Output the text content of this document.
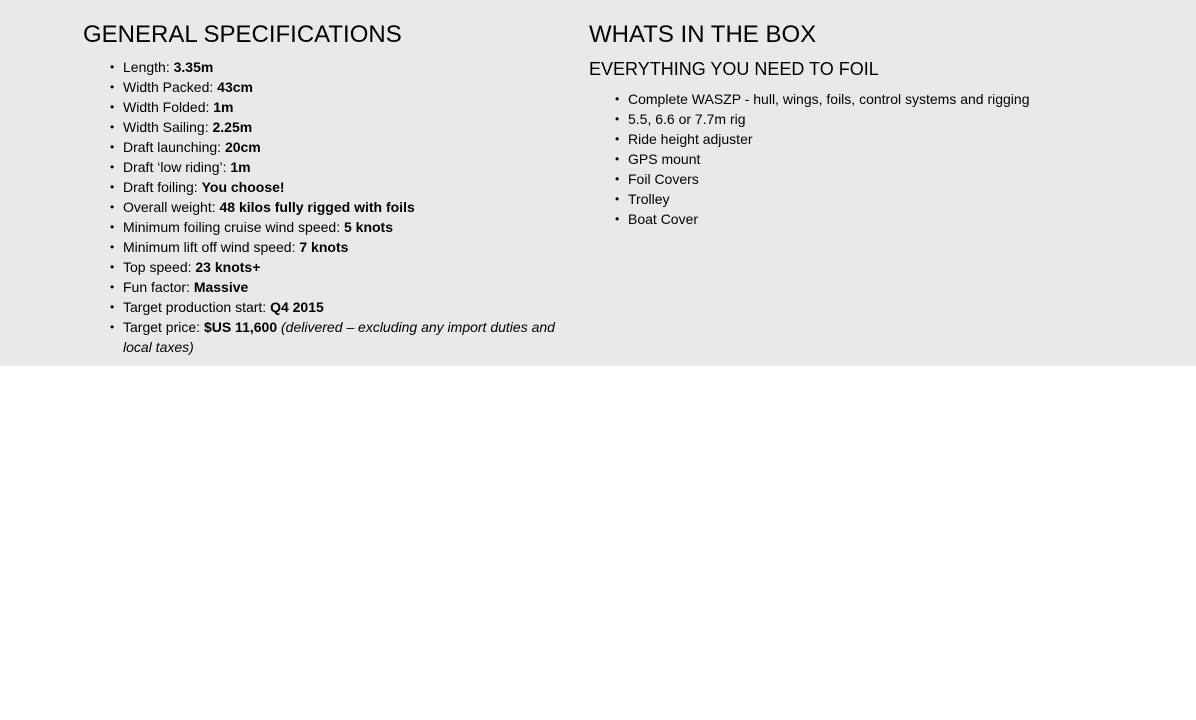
GENERAL SPECIFICATIONS
• Length: 3.35m
• Width Packed: 43cm
• Width Folded: 1m
• Width Sailing: 2.25m
• Draft launching: 20cm
• Draft ‘low riding’: 1m
• Draft foiling: You choose!
• Overall weight: 48 kilos fully rigged with foils
• Minimum foiling cruise wind speed: 5 knots
• Minimum lift off wind speed: 7 knots
• Top speed: 23 knots+
• Fun factor: Massive
• Target production start: Q4 2015
• Target price: $US 11,600 (delivered – excluding any import duties and local taxes)
WHATS IN THE BOX
EVERYTHING YOU NEED TO FOIL
• Complete WASZP - hull, wings, foils, control systems and rigging
• 5.5, 6.6 or 7.7m rig
• Ride height adjuster
• GPS mount
• Foil Covers
• Trolley
• Boat Cover
